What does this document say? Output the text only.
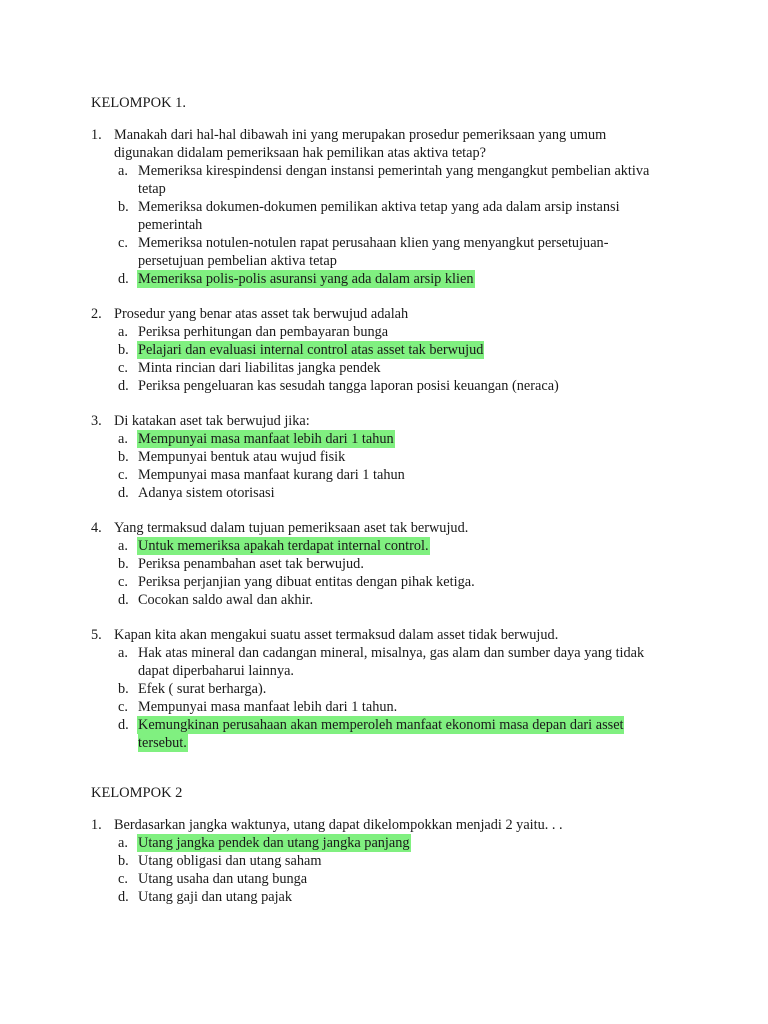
KELOMPOK 1.
1. Manakah dari hal-hal dibawah ini yang merupakan prosedur pemeriksaan yang umum digunakan didalam pemeriksaan hak pemilikan atas aktiva tetap?
a. Memeriksa kirespindensi dengan instansi pemerintah yang mengangkut pembelian aktiva tetap
b. Memeriksa dokumen-dokumen pemilikan aktiva tetap yang ada dalam arsip instansi pemerintah
c. Memeriksa notulen-notulen rapat perusahaan klien yang menyangkut persetujuan-persetujuan pembelian aktiva tetap
d. Memeriksa polis-polis asuransi yang ada dalam arsip klien
2. Prosedur yang benar atas asset tak berwujud adalah
a. Periksa perhitungan dan pembayaran bunga
b. Pelajari dan evaluasi internal control atas asset tak berwujud
c. Minta rincian dari liabilitas jangka pendek
d. Periksa pengeluaran kas sesudah tangga laporan posisi keuangan (neraca)
3. Di katakan aset tak berwujud jika:
a. Mempunyai masa manfaat lebih dari 1 tahun
b. Mempunyai bentuk atau wujud fisik
c. Mempunyai masa manfaat kurang dari 1 tahun
d. Adanya sistem otorisasi
4. Yang termaksud dalam tujuan pemeriksaan aset tak berwujud.
a. Untuk memeriksa apakah terdapat internal control.
b. Periksa penambahan aset tak berwujud.
c. Periksa perjanjian yang dibuat entitas dengan pihak ketiga.
d. Cocokan saldo awal dan akhir.
5. Kapan kita akan mengakui suatu asset termaksud dalam asset tidak berwujud.
a. Hak atas mineral dan cadangan mineral, misalnya, gas alam dan sumber daya yang tidak dapat diperbaharui lainnya.
b. Efek ( surat berharga).
c. Mempunyai masa manfaat lebih dari 1 tahun.
d. Kemungkinan perusahaan akan memperoleh manfaat ekonomi masa depan dari asset tersebut.
KELOMPOK 2
1. Berdasarkan jangka waktunya, utang dapat dikelompokkan menjadi 2 yaitu. . .
a. Utang jangka pendek dan utang jangka panjang
b. Utang obligasi dan utang saham
c. Utang usaha dan utang bunga
d. Utang gaji dan utang pajak
